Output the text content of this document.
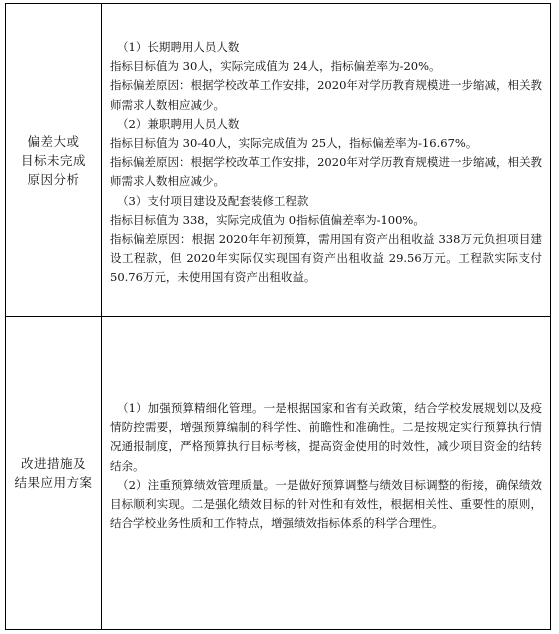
偏差大或
目标未完成
原因分析

（1）长期聘用人员人数

指标目标值为 30人，实际完成值为 24人，指标偏差率为-20%。

指标偏差原因：根据学校改革工作安排，2020年对学历教育规模进一步缩减，相关教师需求人数相应减少。

（2）兼职聘用人员人数

指标目标值为 30-40人，实际完成值为 25人，指标偏差率为-16.67%。

指标偏差原因：根据学校改革工作安排，2020年对学历教育规模进一步缩减，相关教师需求人数相应减少。

（3）支付项目建设及配套装修工程款

指标目标值为 338，实际完成值为 0指标值偏差率为-100%。

指标偏差原因：根据 2020年年初预算，需用国有资产出租收益 338万元负担项目建设工程款，但 2020年实际仅实现国有资产出租收益 29.56万元。工程款实际支付 50.76万元，未使用国有资产出租收益。

改进措施及
结果应用方案

（1）加强预算精细化管理。一是根据国家和省有关政策，结合学校发展规划以及疫情防控需要，增强预算编制的科学性、前瞻性和准确性。二是按规定实行预算执行情况通报制度，严格预算执行目标考核，提高资金使用的时效性，减少项目资金的结转结余。

（2）注重预算绩效管理质量。一是做好预算调整与绩效目标调整的衔接，确保绩效目标顺利实现。二是强化绩效目标的针对性和有效性，根据相关性、重要性的原则，结合学校业务性质和工作特点，增强绩效指标体系的科学合理性。
